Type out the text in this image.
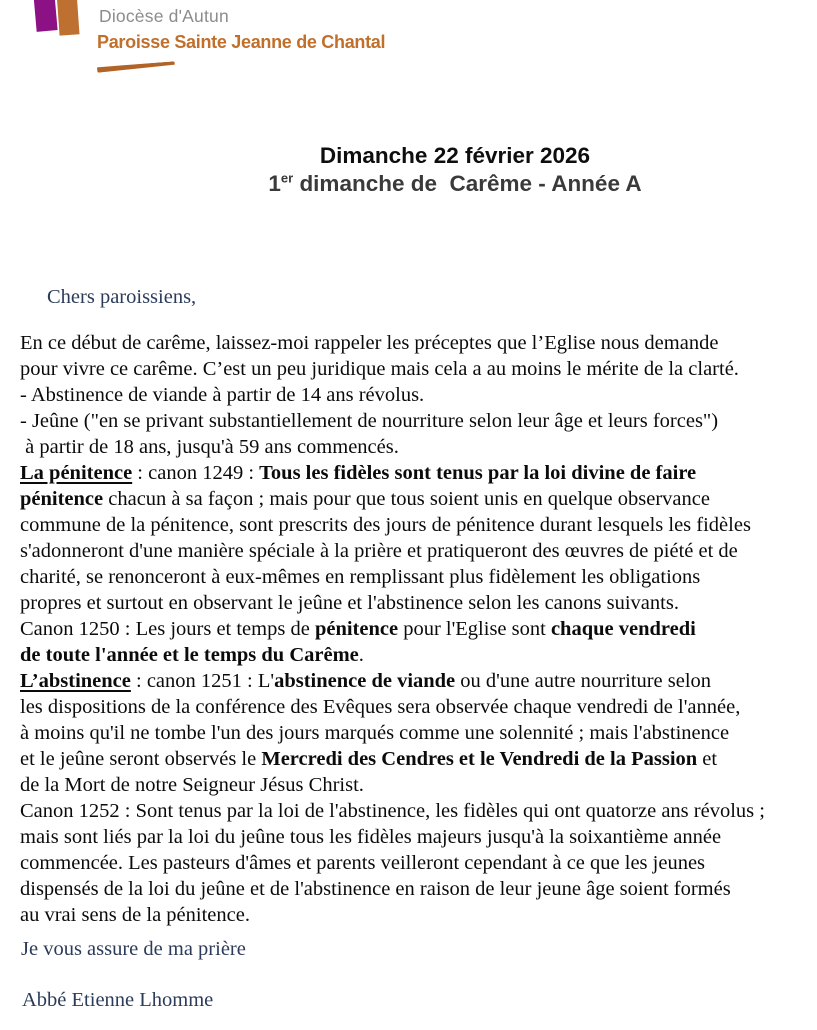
Diocèse d'Autun
Paroisse Sainte Jeanne de Chantal
Dimanche 22 février 2026
1er dimanche de  Carême - Année A
Chers paroissiens,
En ce début de carême, laissez-moi rappeler les préceptes que l’Eglise nous demande
pour vivre ce carême. C’est un peu juridique mais cela a au moins le mérite de la clarté.
- Abstinence de viande à partir de 14 ans révolus.
- Jeûne ("en se privant substantiellement de nourriture selon leur âge et leurs forces")
à partir de 18 ans, jusqu'à 59 ans commencés.
La pénitence : canon 1249 : Tous les fidèles sont tenus par la loi divine de faire
pénitence chacun à sa façon ; mais pour que tous soient unis en quelque observance
commune de la pénitence, sont prescrits des jours de pénitence durant lesquels les fidèles
s'adonneront d'une manière spéciale à la prière et pratiqueront des œuvres de piété et de
charité, se renonceront à eux-mêmes en remplissant plus fidèlement les obligations
propres et surtout en observant le jeûne et l'abstinence selon les canons suivants.
Canon 1250 : Les jours et temps de pénitence pour l'Eglise sont chaque vendredi
de toute l'année et le temps du Carême.
L’abstinence : canon 1251 : L'abstinence de viande ou d'une autre nourriture selon
les dispositions de la conférence des Evêques sera observée chaque vendredi de l'année,
à moins qu'il ne tombe l'un des jours marqués comme une solennité ; mais l'abstinence
et le jeûne seront observés le Mercredi des Cendres et le Vendredi de la Passion et
de la Mort de notre Seigneur Jésus Christ.
Canon 1252 : Sont tenus par la loi de l'abstinence, les fidèles qui ont quatorze ans révolus ;
mais sont liés par la loi du jeûne tous les fidèles majeurs jusqu'à la soixantième année
commencée. Les pasteurs d'âmes et parents veilleront cependant à ce que les jeunes
dispensés de la loi du jeûne et de l'abstinence en raison de leur jeune âge soient formés
au vrai sens de la pénitence.
Je vous assure de ma prière
Abbé Etienne Lhomme
